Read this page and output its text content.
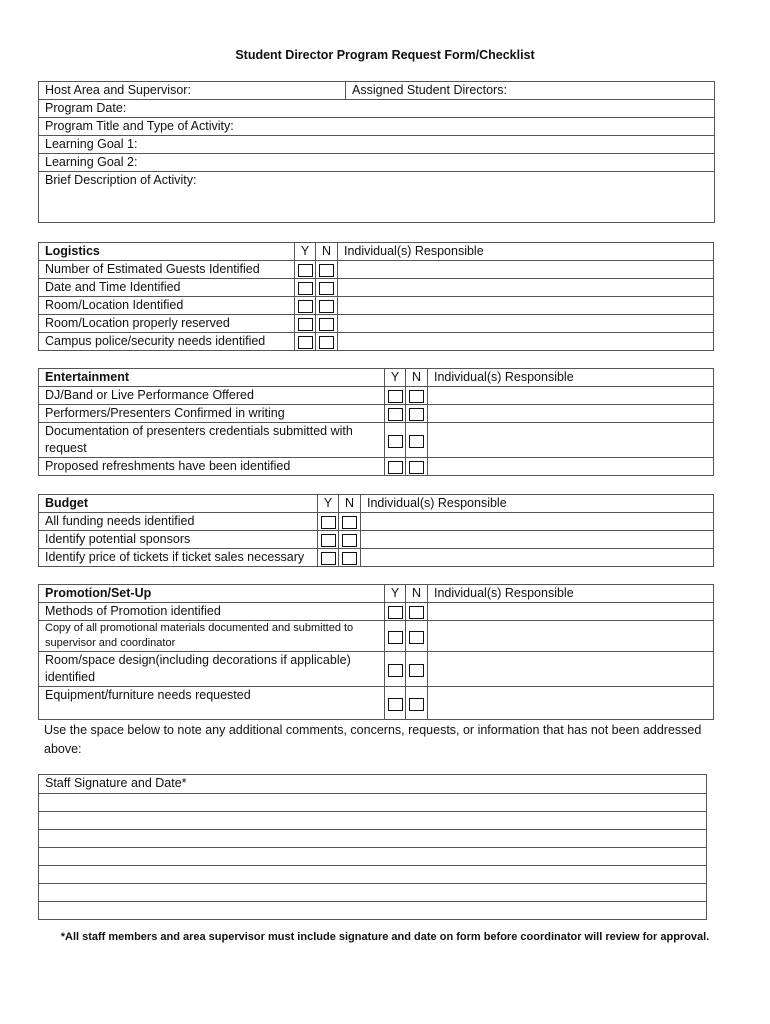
Student Director Program Request Form/Checklist
Host Area and Supervisor:	Assigned Student Directors:
Program Date:	
Program Title and Type of Activity:	
Learning Goal 1:	
Learning Goal 2:	
Brief Description of Activity:	
Logistics	Y	N	Individual(s) Responsible
Number of Estimated Guests Identified			
Date and Time Identified			
Room/Location Identified			
Room/Location properly reserved			
Campus police/security needs identified			
Entertainment	Y	N	Individual(s) Responsible
DJ/Band or Live Performance Offered			
Performers/Presenters Confirmed in writing			
Documentation of presenters credentials submitted with request			
Proposed refreshments have been identified			
Budget	Y	N	Individual(s) Responsible
All funding needs identified			
Identify potential sponsors			
Identify price of tickets if ticket sales necessary			
Promotion/Set-Up	Y	N	Individual(s) Responsible
Methods of Promotion identified			
Copy of all promotional materials documented and submitted to supervisor and coordinator			
Room/space design(including decorations if applicable) identified			
Equipment/furniture needs requested			
Use the space below to note any additional comments, concerns, requests, or information that has not been addressed above:
Staff Signature and Date*

*All staff members and area supervisor must include signature and date on form before coordinator will review for approval.
